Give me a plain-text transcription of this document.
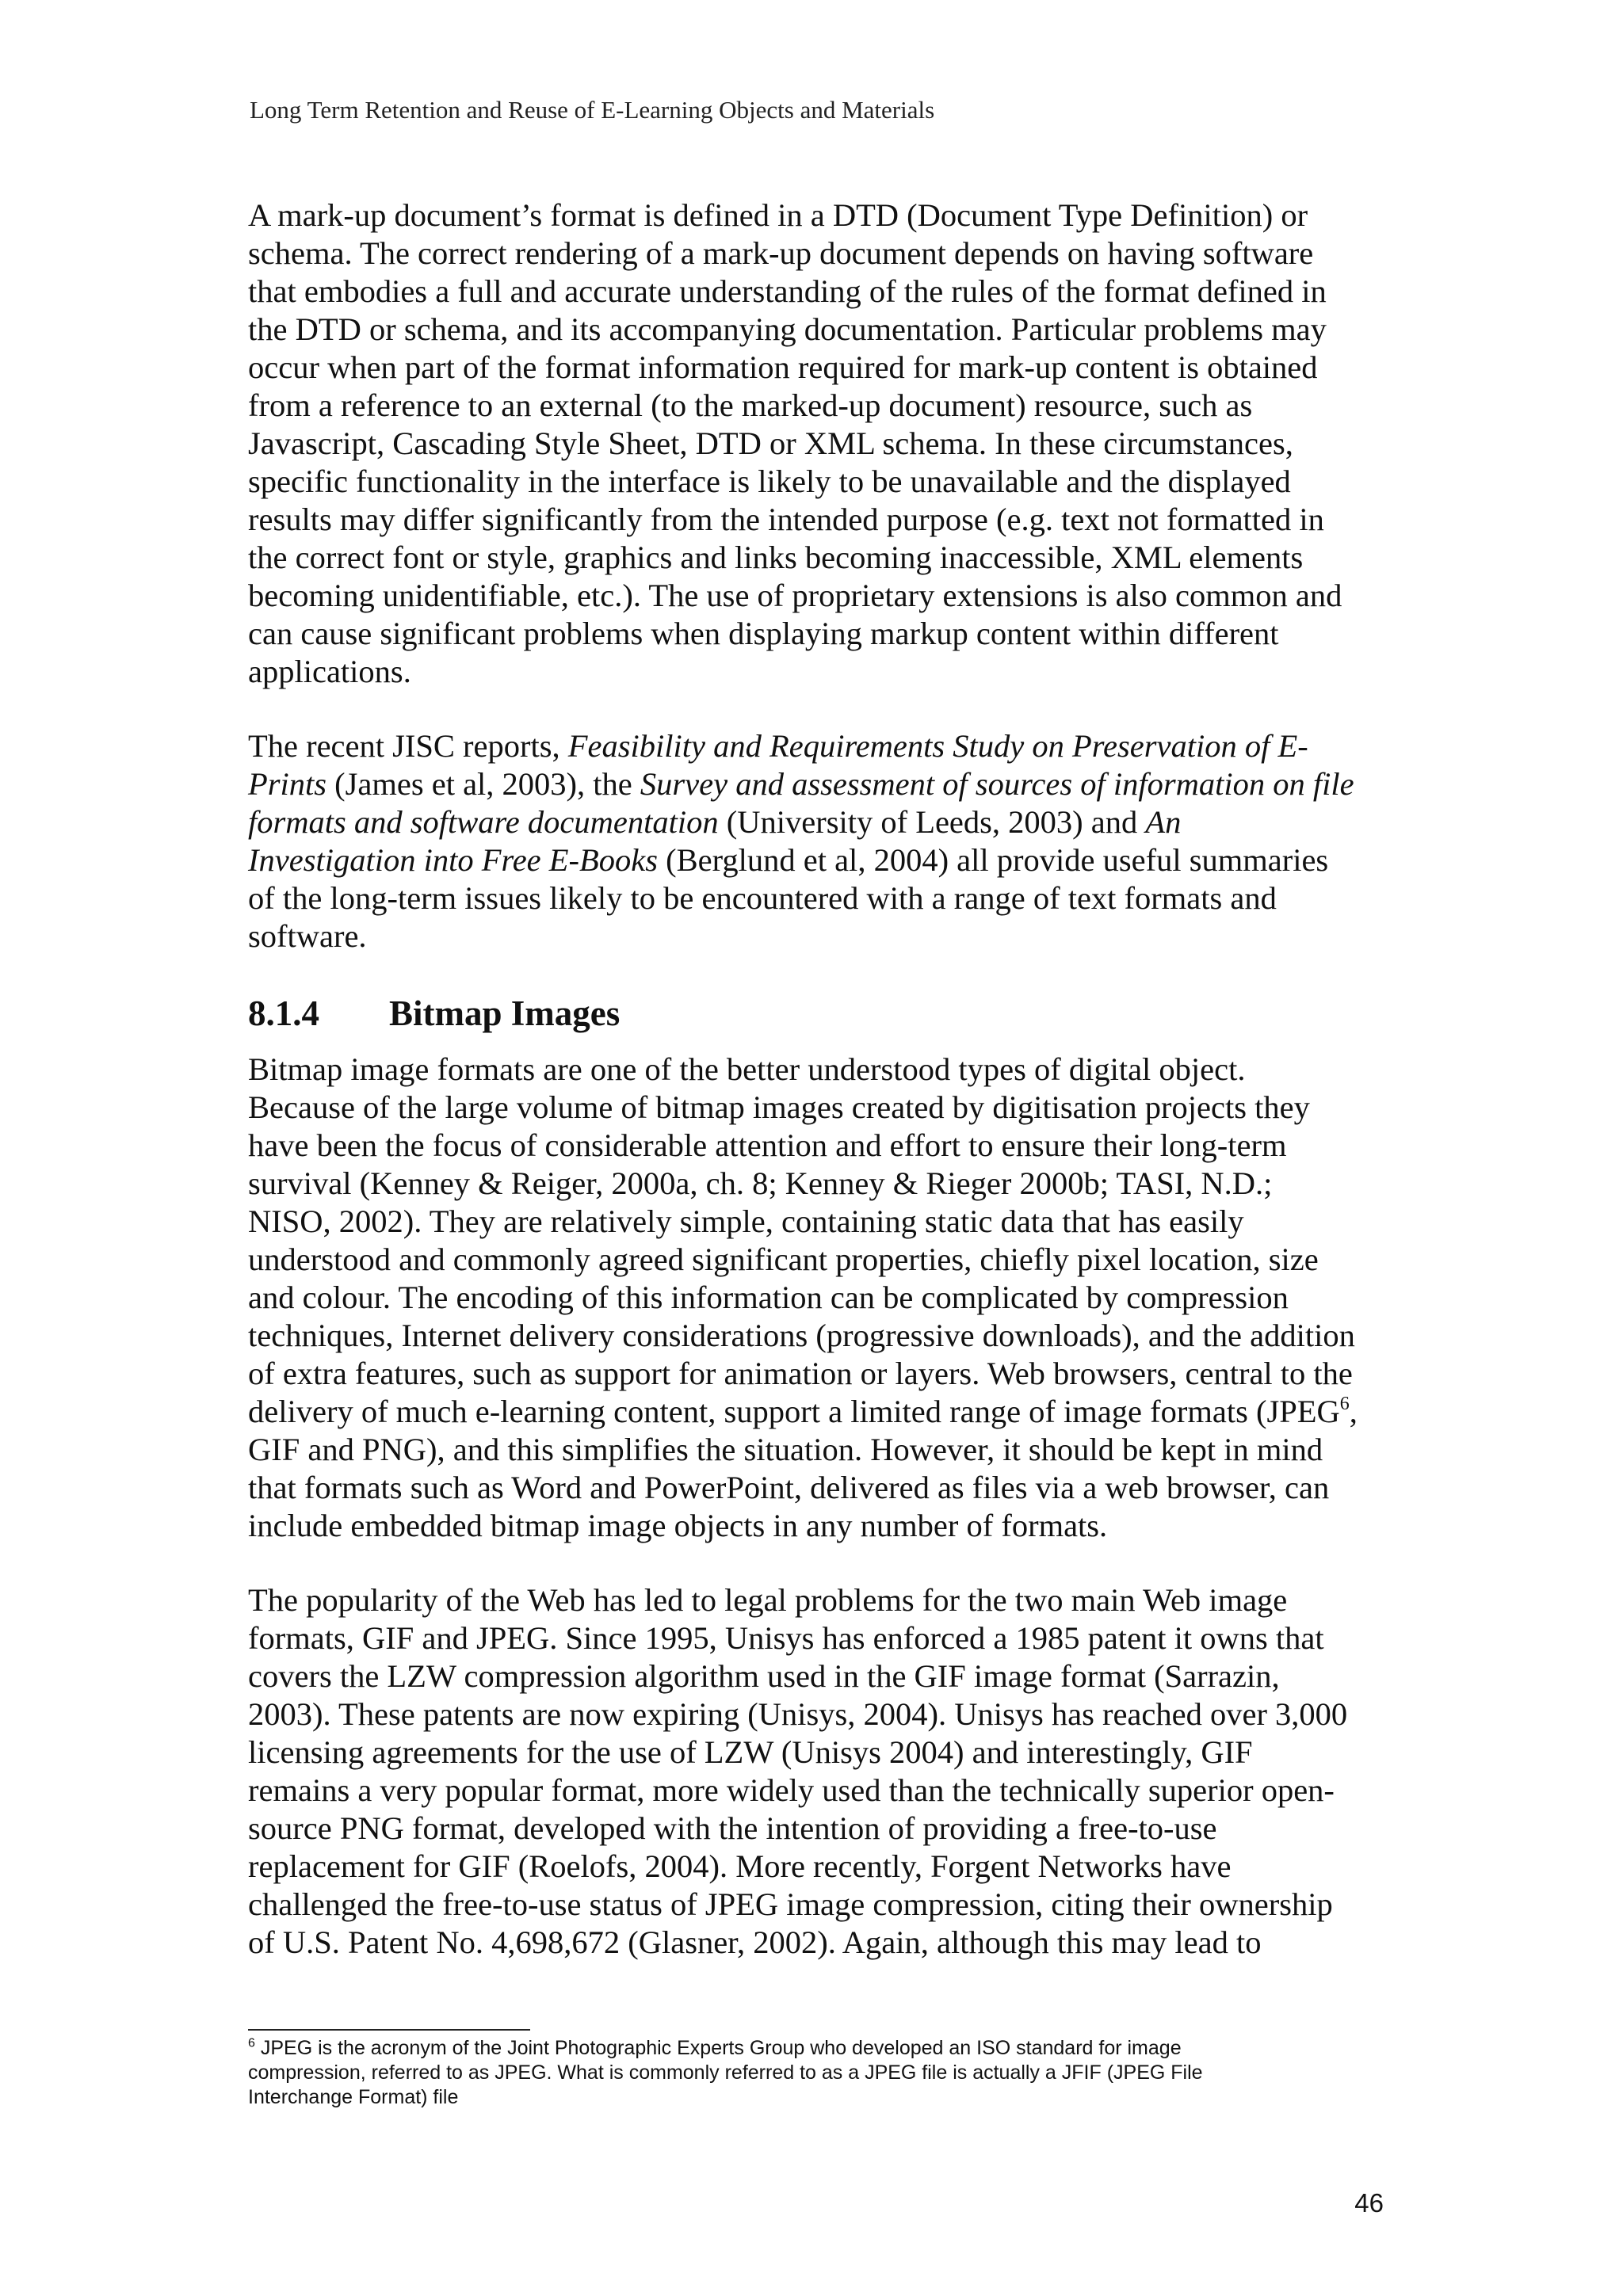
Long Term Retention and Reuse of E-Learning Objects and Materials

A mark-up document’s format is defined in a DTD (Document Type Definition) or
schema. The correct rendering of a mark-up document depends on having software
that embodies a full and accurate understanding of the rules of the format defined in
the DTD or schema, and its accompanying documentation. Particular problems may
occur when part of the format information required for mark-up content is obtained
from a reference to an external (to the marked-up document) resource, such as
Javascript, Cascading Style Sheet, DTD or XML schema. In these circumstances,
specific functionality in the interface is likely to be unavailable and the displayed
results may differ significantly from the intended purpose (e.g. text not formatted in
the correct font or style, graphics and links becoming inaccessible, XML elements
becoming unidentifiable, etc.). The use of proprietary extensions is also common and
can cause significant problems when displaying markup content within different
applications.

The recent JISC reports, Feasibility and Requirements Study on Preservation of E-
Prints (James et al, 2003), the Survey and assessment of sources of information on file
formats and software documentation (University of Leeds, 2003) and An
Investigation into Free E-Books (Berglund et al, 2004) all provide useful summaries
of the long-term issues likely to be encountered with a range of text formats and
software.

8.1.4 Bitmap Images

Bitmap image formats are one of the better understood types of digital object.
Because of the large volume of bitmap images created by digitisation projects they
have been the focus of considerable attention and effort to ensure their long-term
survival (Kenney & Reiger, 2000a, ch. 8; Kenney & Rieger 2000b; TASI, N.D.;
NISO, 2002). They are relatively simple, containing static data that has easily
understood and commonly agreed significant properties, chiefly pixel location, size
and colour. The encoding of this information can be complicated by compression
techniques, Internet delivery considerations (progressive downloads), and the addition
of extra features, such as support for animation or layers. Web browsers, central to the
delivery of much e-learning content, support a limited range of image formats (JPEG$^6$,
GIF and PNG), and this simplifies the situation. However, it should be kept in mind
that formats such as Word and PowerPoint, delivered as files via a web browser, can
include embedded bitmap image objects in any number of formats.

The popularity of the Web has led to legal problems for the two main Web image
formats, GIF and JPEG. Since 1995, Unisys has enforced a 1985 patent it owns that
covers the LZW compression algorithm used in the GIF image format (Sarrazin,
2003). These patents are now expiring (Unisys, 2004). Unisys has reached over 3,000
licensing agreements for the use of LZW (Unisys 2004) and interestingly, GIF
remains a very popular format, more widely used than the technically superior open-
source PNG format, developed with the intention of providing a free-to-use
replacement for GIF (Roelofs, 2004). More recently, Forgent Networks have
challenged the free-to-use status of JPEG image compression, citing their ownership
of U.S. Patent No. 4,698,672 (Glasner, 2002). Again, although this may lead to

$^6$ JPEG is the acronym of the Joint Photographic Experts Group who developed an ISO standard for image
compression, referred to as JPEG. What is commonly referred to as a JPEG file is actually a JFIF (JPEG File
Interchange Format) file

46
